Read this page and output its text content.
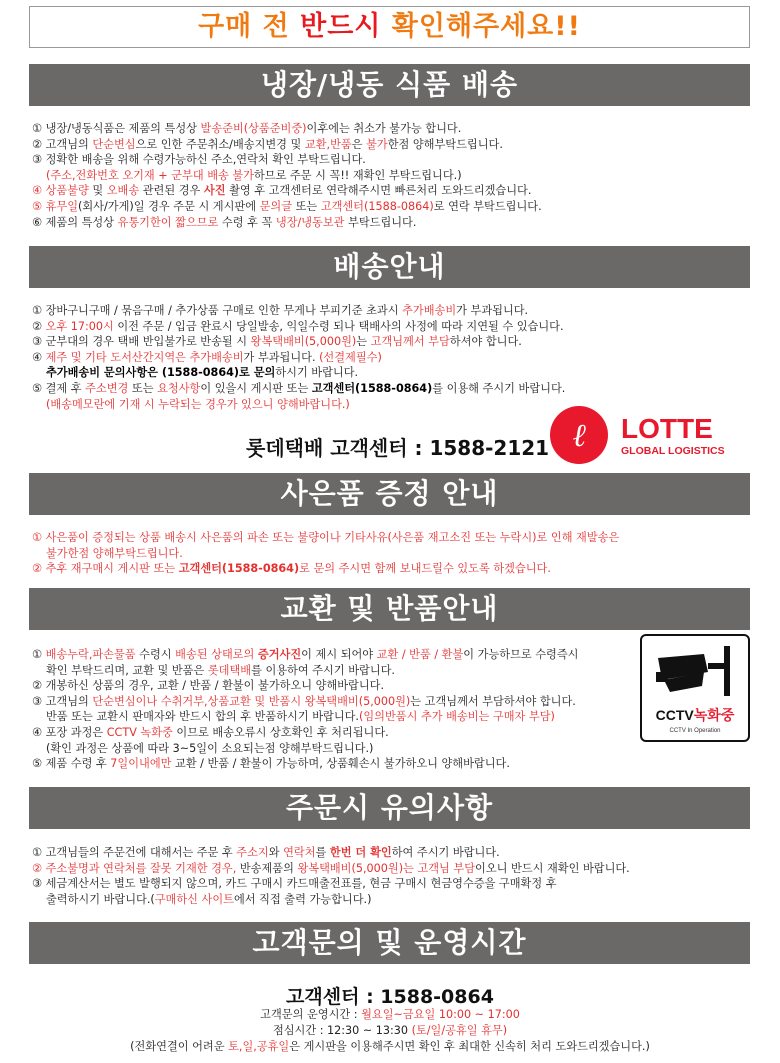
구매 전 반드시 확인해주세요!!
냉장/냉동 식품 배송

① 냉장/냉동식품은 제품의 특성상 발송준비(상품준비중)이후에는 취소가 불가능 합니다.

② 고객님의 단순변심으로 인한 주문취소/배송지변경 및 교환,반품은 불가한점 양해부탁드립니다.

③ 정확한 배송을 위해 수령가능하신 주소,연락처 확인 부탁드립니다.

(주소,전화번호 오기재 + 군부대 배송 불가하므로 주문 시 꼭!! 재확인 부탁드립니다.)

④ 상품불량 및 오배송 관련된 경우 사진 촬영 후 고객센터로 연락해주시면 빠른처리 도와드리겠습니다.

⑤ 휴무일(회사/가게)일 경우 주문 시 게시판에 문의글 또는 고객센터(1588-0864)로 연락 부탁드립니다.

⑥ 제품의 특성상 유통기한이 짧으므로 수령 후 꼭 냉장/냉동보관 부탁드립니다.

배송안내

① 장바구니구매 / 묶음구매 / 추가상품 구매로 인한 무게나 부피기준 초과시 추가배송비가 부과됩니다.

② 오후 17:00시 이전 주문 / 입금 완료시 당일발송, 익일수령 되나 택배사의 사정에 따라 지연될 수 있습니다.

③ 군부대의 경우 택배 반입불가로 반송될 시 왕복택배비(5,000원)는 고객님께서 부담하셔야 합니다.

④ 제주 및 기타 도서산간지역은 추가배송비가 부과됩니다. (선결제필수)

추가배송비 문의사항은 (1588-0864)로 문의하시기 바랍니다.

⑤ 결제 후 주소변경 또는 요청사항이 있을시 게시판 또는 고객센터(1588-0864)를 이용해 주시기 바랍니다.

(배송메모란에 기재 시 누락되는 경우가 있으니 양해바랍니다.)

롯데택배 고객센터 : 1588-2121 ℓ LOTTE
GLOBAL LOGISTICS
사은품 증정 안내

① 사은품이 증정되는 상품 배송시 사은품의 파손 또는 불량이나 기타사유(사은품 재고소진 또는 누락시)로 인해 재발송은

불가한점 양해부탁드립니다.

② 추후 재구매시 게시판 또는 고객센터(1588-0864)로 문의 주시면 함께 보내드릴수 있도록 하겠습니다.

교환 및 반품안내

① 배송누락,파손물품 수령시 배송된 상태로의 증거사진이 제시 되어야 교환 / 반품 / 환불이 가능하므로 수령즉시

확인 부탁드리며, 교환 및 반품은 롯데택배를 이용하여 주시기 바랍니다.

② 개봉하신 상품의 경우, 교환 / 반품 / 환불이 불가하오니 양해바랍니다.

③ 고객님의 단순변심이나 수취거부,상품교환 및 반품시 왕복택배비(5,000원)는 고객님께서 부담하셔야 합니다.

반품 또는 교환시 판매자와 반드시 합의 후 반품하시기 바랍니다.(임의반품시 추가 배송비는 구매자 부담)

④ 포장 과정은 CCTV 녹화중 이므로 배송오류시 상호확인 후 처리됩니다.

(확인 과정은 상품에 따라 3~5일이 소요되는점 양해부탁드립니다.)

⑤ 제품 수령 후 7일이내에만 교환 / 반품 / 환불이 가능하며, 상품훼손시 불가하오니 양해바랍니다.

CCTV녹화중
CCTV In Operation
주문시 유의사항

① 고객님들의 주문건에 대해서는 주문 후 주소지와 연락처를 한번 더 확인하여 주시기 바랍니다.

② 주소불명과 연락처를 잘못 기재한 경우, 반송제품의 왕복택배비(5,000원)는 고객님 부담이오니 반드시 재확인 바랍니다.

③ 세금계산서는 별도 발행되지 않으며, 카드 구매시 카드매출전표를, 현금 구매시 현금영수증을 구매확정 후

출력하시기 바랍니다.(구매하신 사이트에서 직접 출력 가능합니다.)

고객문의 및 운영시간
고객센터 : 1588-0864
고객문의 운영시간 : 월요일~금요일 10:00 ~ 17:00
점심시간 : 12:30 ~ 13:30 (토/일/공휴일 휴무)
(전화연결이 어려운 토,일,공휴일은 게시판을 이용해주시면 확인 후 최대한 신속히 처리 도와드리겠습니다.)
